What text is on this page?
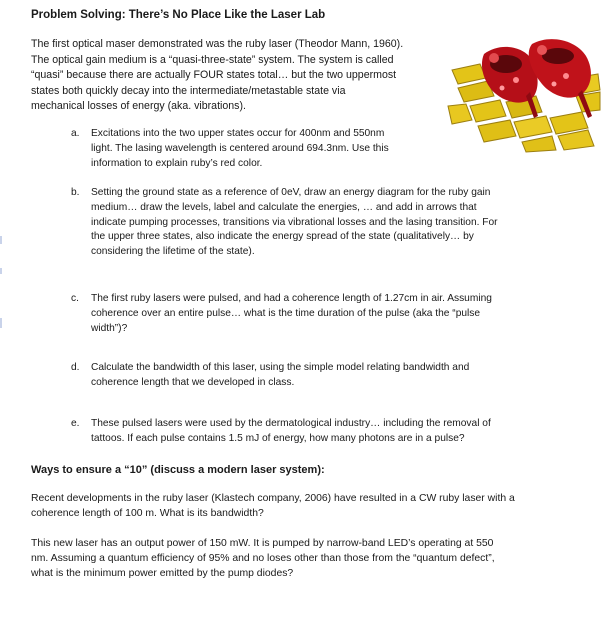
Problem Solving: There’s No Place Like the Laser Lab
The first optical maser demonstrated was the ruby laser (Theodor Mann, 1960).
The optical gain medium is a “quasi-three-state” system. The system is called
“quasi” because there are actually FOUR states total… but the two uppermost
states both quickly decay into the intermediate/metastable state via
mechanical losses of energy (aka. vibrations).
a.	Excitations into the two upper states occur for 400nm and 550nm
light. The lasing wavelength is centered around 694.3nm. Use this
information to explain ruby’s red color.
b.	Setting the ground state as a reference of 0eV, draw an energy diagram for the ruby gain
medium… draw the levels, label and calculate the energies, … and add in arrows that
indicate pumping processes, transitions via vibrational losses and the lasing transition. For
the upper three states, also indicate the energy spread of the state (qualitatively… by
considering the lifetime of the state).
c.	The first ruby lasers were pulsed, and had a coherence length of 1.27cm in air. Assuming
coherence over an entire pulse… what is the time duration of the pulse (aka the “pulse
width”)?
d.	Calculate the bandwidth of this laser, using the simple model relating bandwidth and
coherence length that we developed in class.
e.	These pulsed lasers were used by the dermatological industry… including the removal of
tattoos. If each pulse contains 1.5 mJ of energy, how many photons are in a pulse?
Ways to ensure a “10” (discuss a modern laser system):
Recent developments in the ruby laser (Klastech company, 2006) have resulted in a CW ruby laser with a
coherence length of 100 m. What is its bandwidth?
This new laser has an output power of 150 mW. It is pumped by narrow-band LED’s operating at 550
nm. Assuming a quantum efficiency of 95% and no loses other than those from the “quantum defect”,
what is the minimum power emitted by the pump diodes?
